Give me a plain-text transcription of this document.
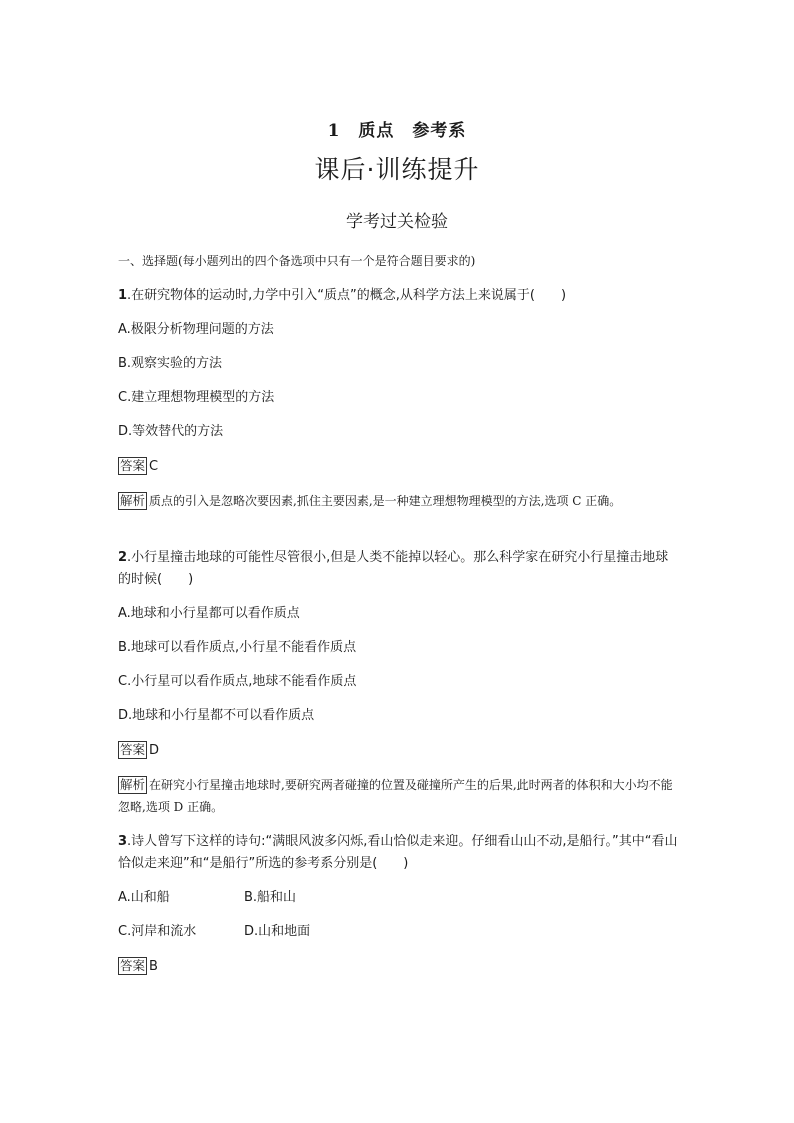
1 质点　参考系
课后·训练提升
学考过关检验
一、选择题(每小题列出的四个备选项中只有一个是符合题目要求的)
1.在研究物体的运动时,力学中引入“质点”的概念,从科学方法上来说属于(　　)
A.极限分析物理问题的方法
B.观察实验的方法
C.建立理想物理模型的方法
D.等效替代的方法
答案 C
解析 质点的引入是忽略次要因素,抓住主要因素,是一种建立理想物理模型的方法,选项 C 正确。
2.小行星撞击地球的可能性尽管很小,但是人类不能掉以轻心。那么科学家在研究小行星撞击地球的时候(　　)
A.地球和小行星都可以看作质点
B.地球可以看作质点,小行星不能看作质点
C.小行星可以看作质点,地球不能看作质点
D.地球和小行星都不可以看作质点
答案 D
解析 在研究小行星撞击地球时,要研究两者碰撞的位置及碰撞所产生的后果,此时两者的体积和大小均不能忽略,选项 D 正确。
3.诗人曾写下这样的诗句:“满眼风波多闪烁,看山恰似走来迎。仔细看山山不动,是船行。”其中“看山恰似走来迎”和“是船行”所选的参考系分别是(　　)
A.山和船	B.船和山
C.河岸和流水	D.山和地面
答案 B
